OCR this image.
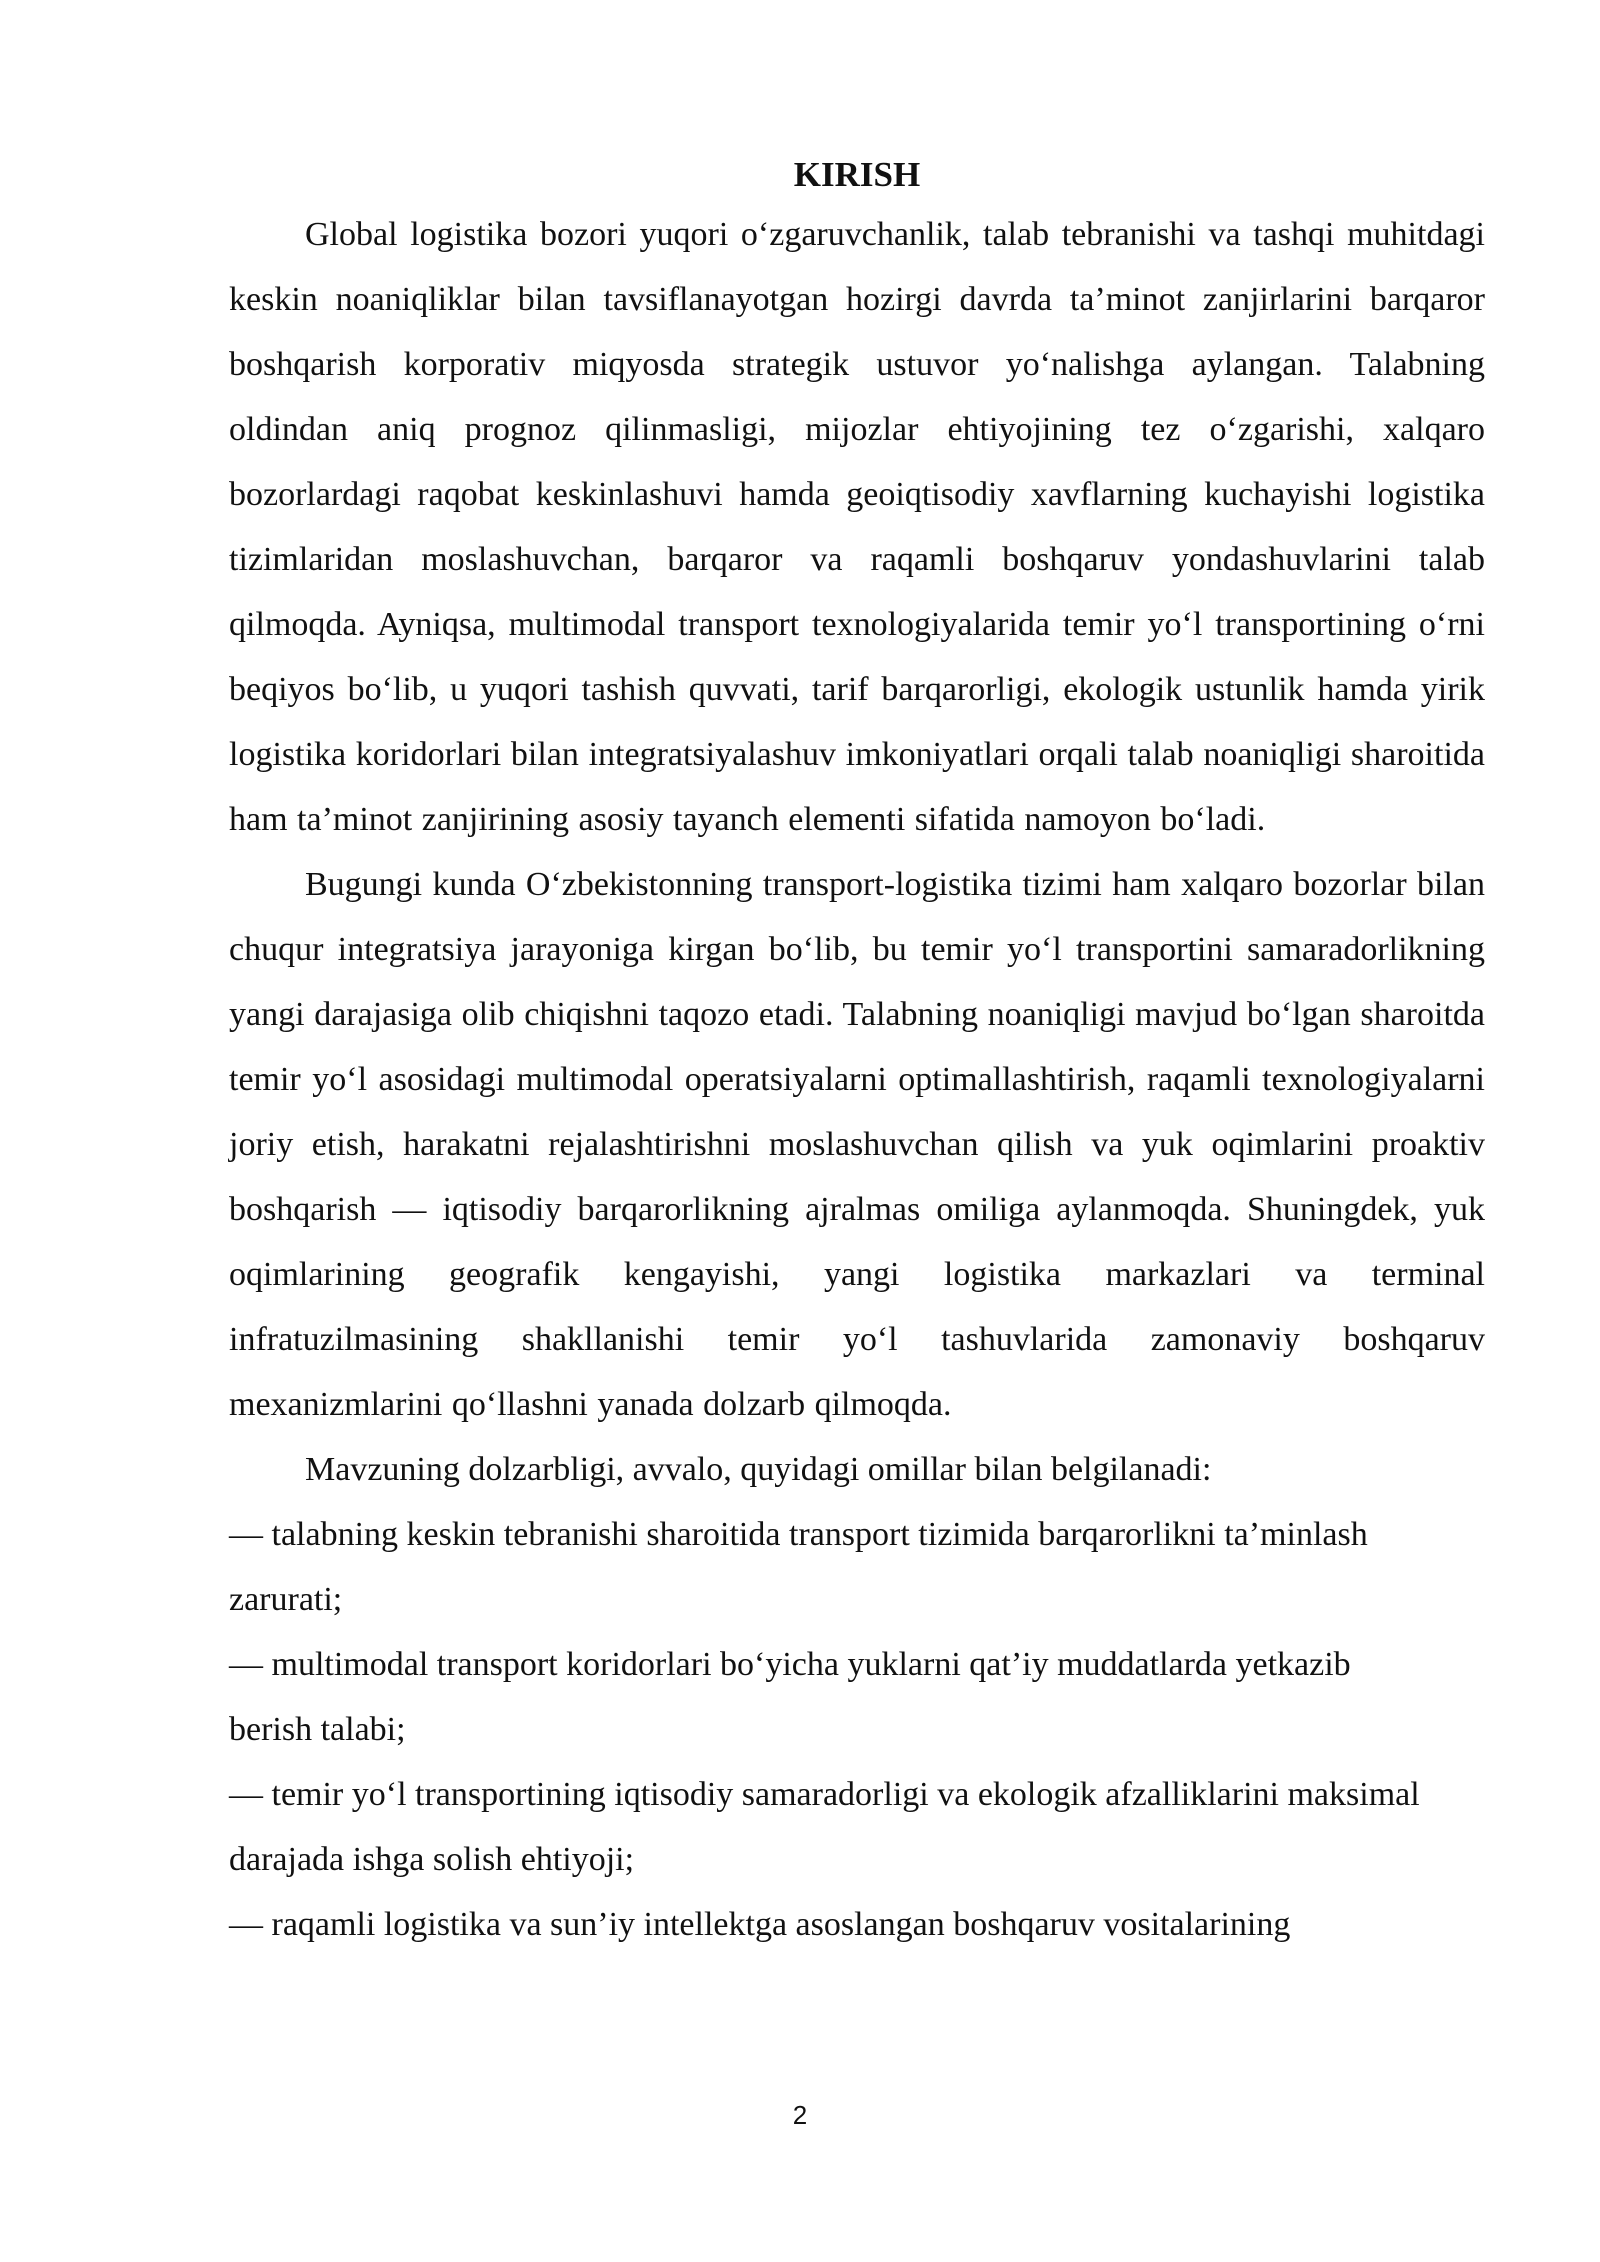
KIRISH

Global logistika bozori yuqori o‘zgaruvchanlik, talab tebranishi va tashqi muhitdagi keskin noaniqliklar bilan tavsiflanayotgan hozirgi davrda ta’minot zanjirlarini barqaror boshqarish korporativ miqyosda strategik ustuvor yo‘nalishga aylangan. Talabning oldindan aniq prognoz qilinmasligi, mijozlar ehtiyojining tez o‘zgarishi, xalqaro bozorlardagi raqobat keskinlashuvi hamda geoiqtisodiy xavflarning kuchayishi logistika tizimlaridan moslashuvchan, barqaror va raqamli boshqaruv yondashuvlarini talab qilmoqda. Ayniqsa, multimodal transport texnologiyalarida temir yo‘l transportining o‘rni beqiyos bo‘lib, u yuqori tashish quvvati, tarif barqarorligi, ekologik ustunlik hamda yirik logistika koridorlari bilan integratsiyalashuv imkoniyatlari orqali talab noaniqligi sharoitida ham ta’minot zanjirining asosiy tayanch elementi sifatida namoyon bo‘ladi.

Bugungi kunda O‘zbekistonning transport-logistika tizimi ham xalqaro bozorlar bilan chuqur integratsiya jarayoniga kirgan bo‘lib, bu temir yo‘l transportini samaradorlikning yangi darajasiga olib chiqishni taqozo etadi. Talabning noaniqligi mavjud bo‘lgan sharoitda temir yo‘l asosidagi multimodal operatsiyalarni optimallashtirish, raqamli texnologiyalarni joriy etish, harakatni rejalashtirishni moslashuvchan qilish va yuk oqimlarini proaktiv boshqarish — iqtisodiy barqarorlikning ajralmas omiliga aylanmoqda. Shuningdek, yuk oqimlarining geografik kengayishi, yangi logistika markazlari va terminal infratuzilmasining shakllanishi temir yo‘l tashuvlarida zamonaviy boshqaruv mexanizmlarini qo‘llashni yanada dolzarb qilmoqda.

Mavzuning dolzarbligi, avvalo, quyidagi omillar bilan belgilanadi:

— talabning keskin tebranishi sharoitida transport tizimida barqarorlikni ta’minlash zarurati;

— multimodal transport koridorlari bo‘yicha yuklarni qat’iy muddatlarda yetkazib berish talabi;

— temir yo‘l transportining iqtisodiy samaradorligi va ekologik afzalliklarini maksimal darajada ishga solish ehtiyoji;

— raqamli logistika va sun’iy intellektga asoslangan boshqaruv vositalarining

2
